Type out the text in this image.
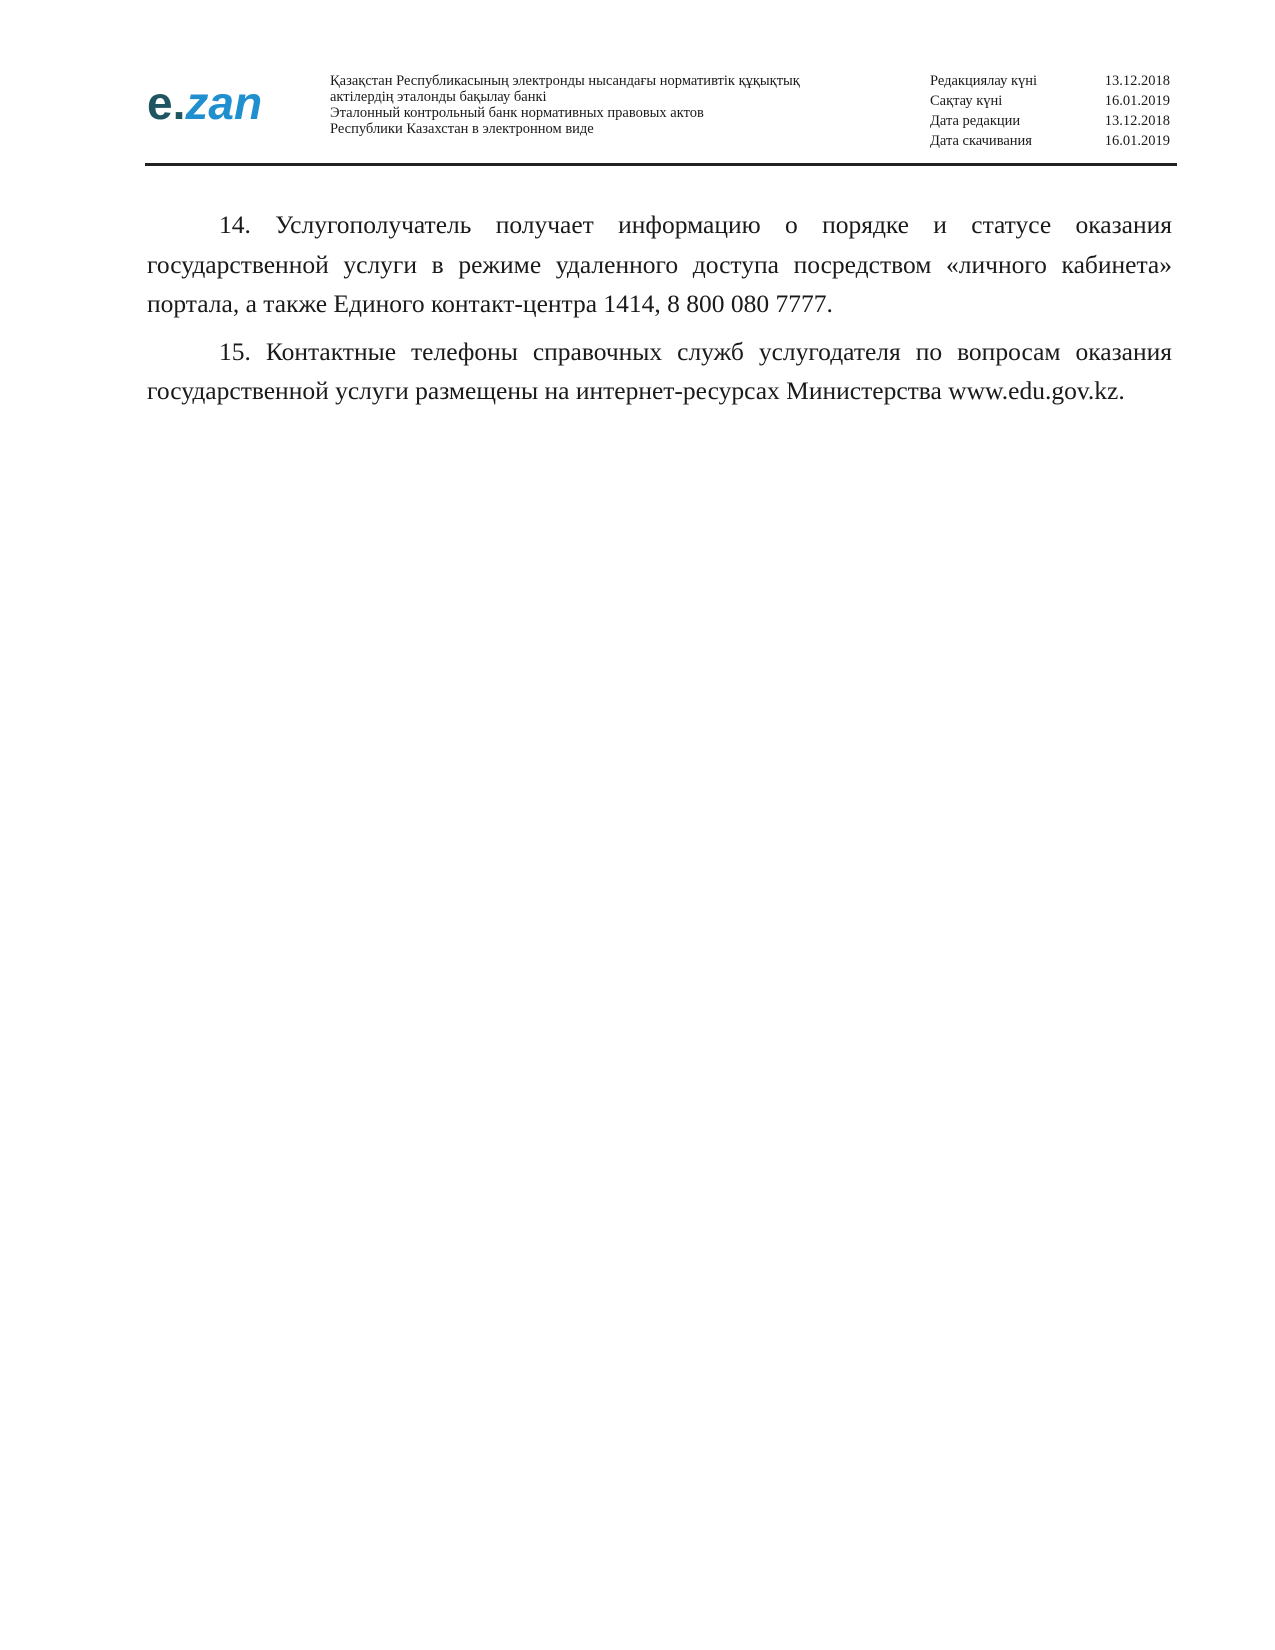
e.zan	Қазақстан Республикасының электронды нысандағы нормативтік құқықтық
актілердің эталонды бақылау банкі
Эталонный контрольный банк нормативных правовых актов
Республики Казахстан в электронном виде
Редакциялау күні	13.12.2018
Сақтау күні	16.01.2019
Дата редакции	13.12.2018
Дата скачивания	16.01.2019

14. Услугополучатель получает информацию о порядке и статусе оказания государственной услуги в режиме удаленного доступа посредством «личного кабинета» портала, а также Единого контакт-центра 1414, 8 800 080 7777.

15. Контактные телефоны справочных служб услугодателя по вопросам оказания государственной услуги размещены на интернет-ресурсах Министерства www.edu.gov.kz.
